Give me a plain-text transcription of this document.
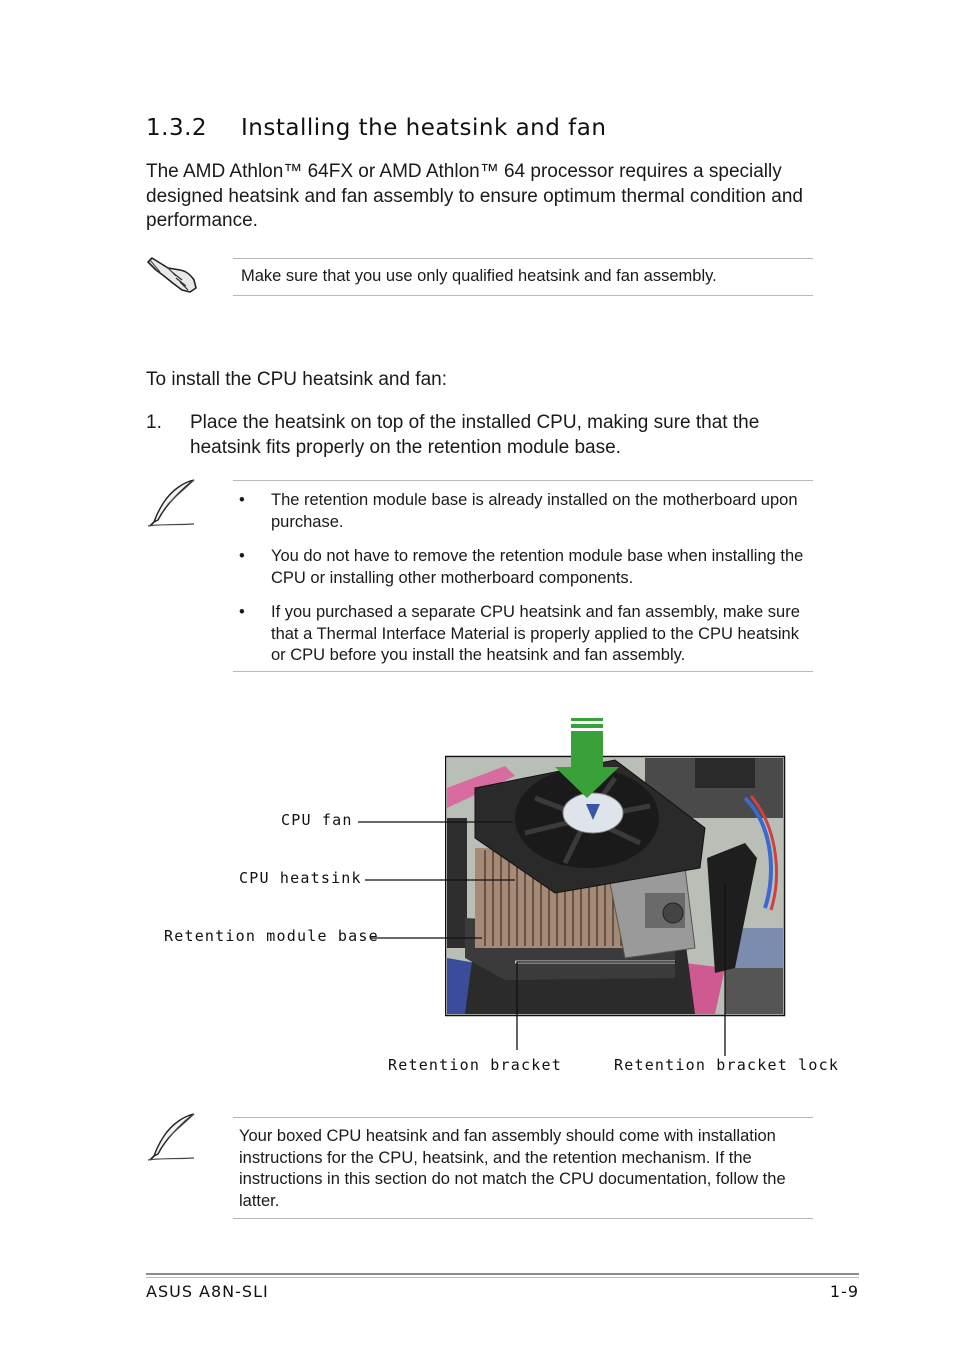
1.3.2 Installing the heatsink and fan
The AMD Athlon™ 64FX or AMD Athlon™ 64 processor requires a specially designed heatsink and fan assembly to ensure optimum thermal condition and performance.
Make sure that you use only qualified heatsink and fan assembly.
To install the CPU heatsink and fan:
1. Place the heatsink on top of the installed CPU, making sure that the heatsink fits properly on the retention module base.
• The retention module base is already installed on the motherboard upon purchase.
• You do not have to remove the retention module base when installing the CPU or installing other motherboard components.
• If you purchased a separate CPU heatsink and fan assembly, make sure that a Thermal Interface Material is properly applied to the CPU heatsink or CPU before you install the heatsink and fan assembly.
CPU fan
CPU heatsink
Retention module base
Retention bracket	Retention bracket lock
Your boxed CPU heatsink and fan assembly should come with installation instructions for the CPU, heatsink, and the retention mechanism. If the instructions in this section do not match the CPU documentation, follow the latter.
ASUS A8N-SLI	1-9
